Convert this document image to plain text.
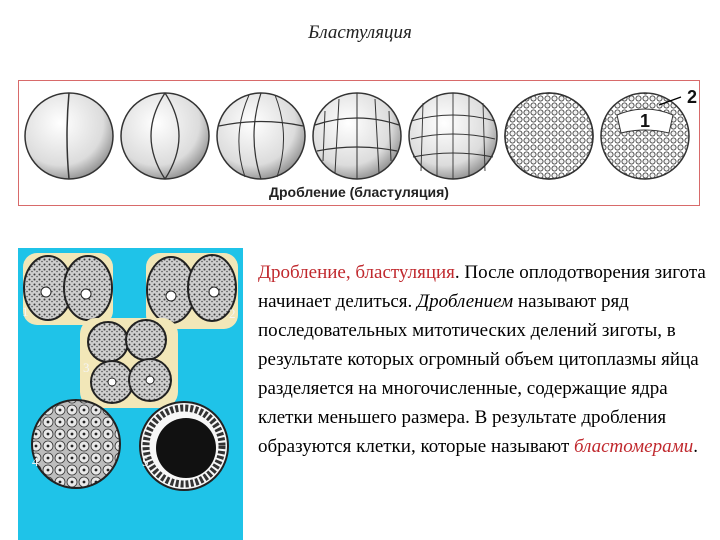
Бластуляция
1
2
Дробление (бластуляция)
1	2
3
4	5
Дробление, бластуляция. После оплодотворения зигота начинает делиться. Дроблением называют ряд последовательных митотических делений зиготы, в результате которых огромный объем цитоплазмы яйца разделяется на многочисленные, содержащие ядра клетки меньшего размера. В результате дробления образуются клетки, которые называют бластомерами.
